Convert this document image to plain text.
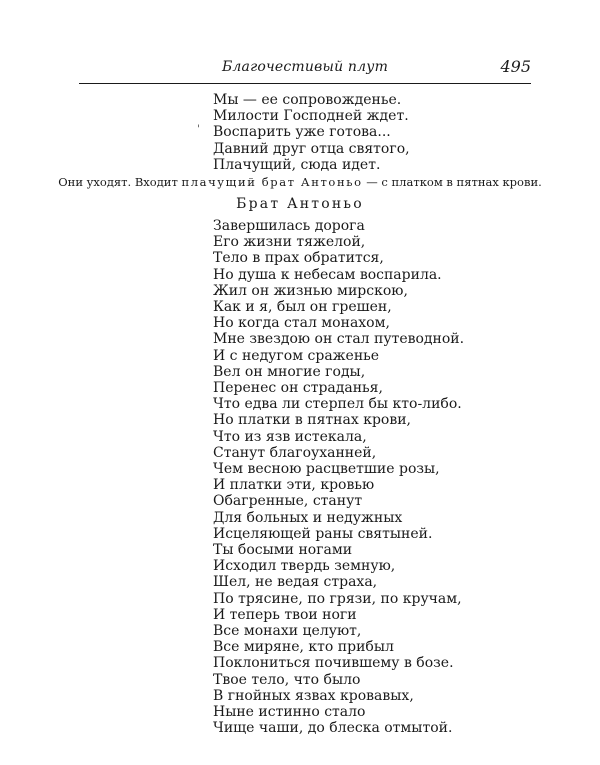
Благочестивый плут	495
'
Мы — ее сопровожденье.
Милости Господней ждет.
Воспарить уже готова...
Давний друг отца святого,
Плачущий, сюда идет.
Они уходят. Входит плачущий брат Антоньо — с платком в пятнах крови.
Брат Антоньо
Завершилась дорога
Его жизни тяжелой,
Тело в прах обратится,
Но душа к небесам воспарила.
Жил он жизнью мирскою,
Как и я, был он грешен,
Но когда стал монахом,
Мне звездою он стал путеводной.
И с недугом сраженье
Вел он многие годы,
Перенес он страданья,
Что едва ли стерпел бы кто-либо.
Но платки в пятнах крови,
Что из язв истекала,
Станут благоуханней,
Чем весною расцветшие розы,
И платки эти, кровью
Обагренные, станут
Для больных и недужных
Исцеляющей раны святыней.
Ты босыми ногами
Исходил твердь земную,
Шел, не ведая страха,
По трясине, по грязи, по кручам,
И теперь твои ноги
Все монахи целуют,
Все миряне, кто прибыл
Поклониться почившему в бозе.
Твое тело, что было
В гнойных язвах кровавых,
Ныне истинно стало
Чище чаши, до блеска отмытой.
